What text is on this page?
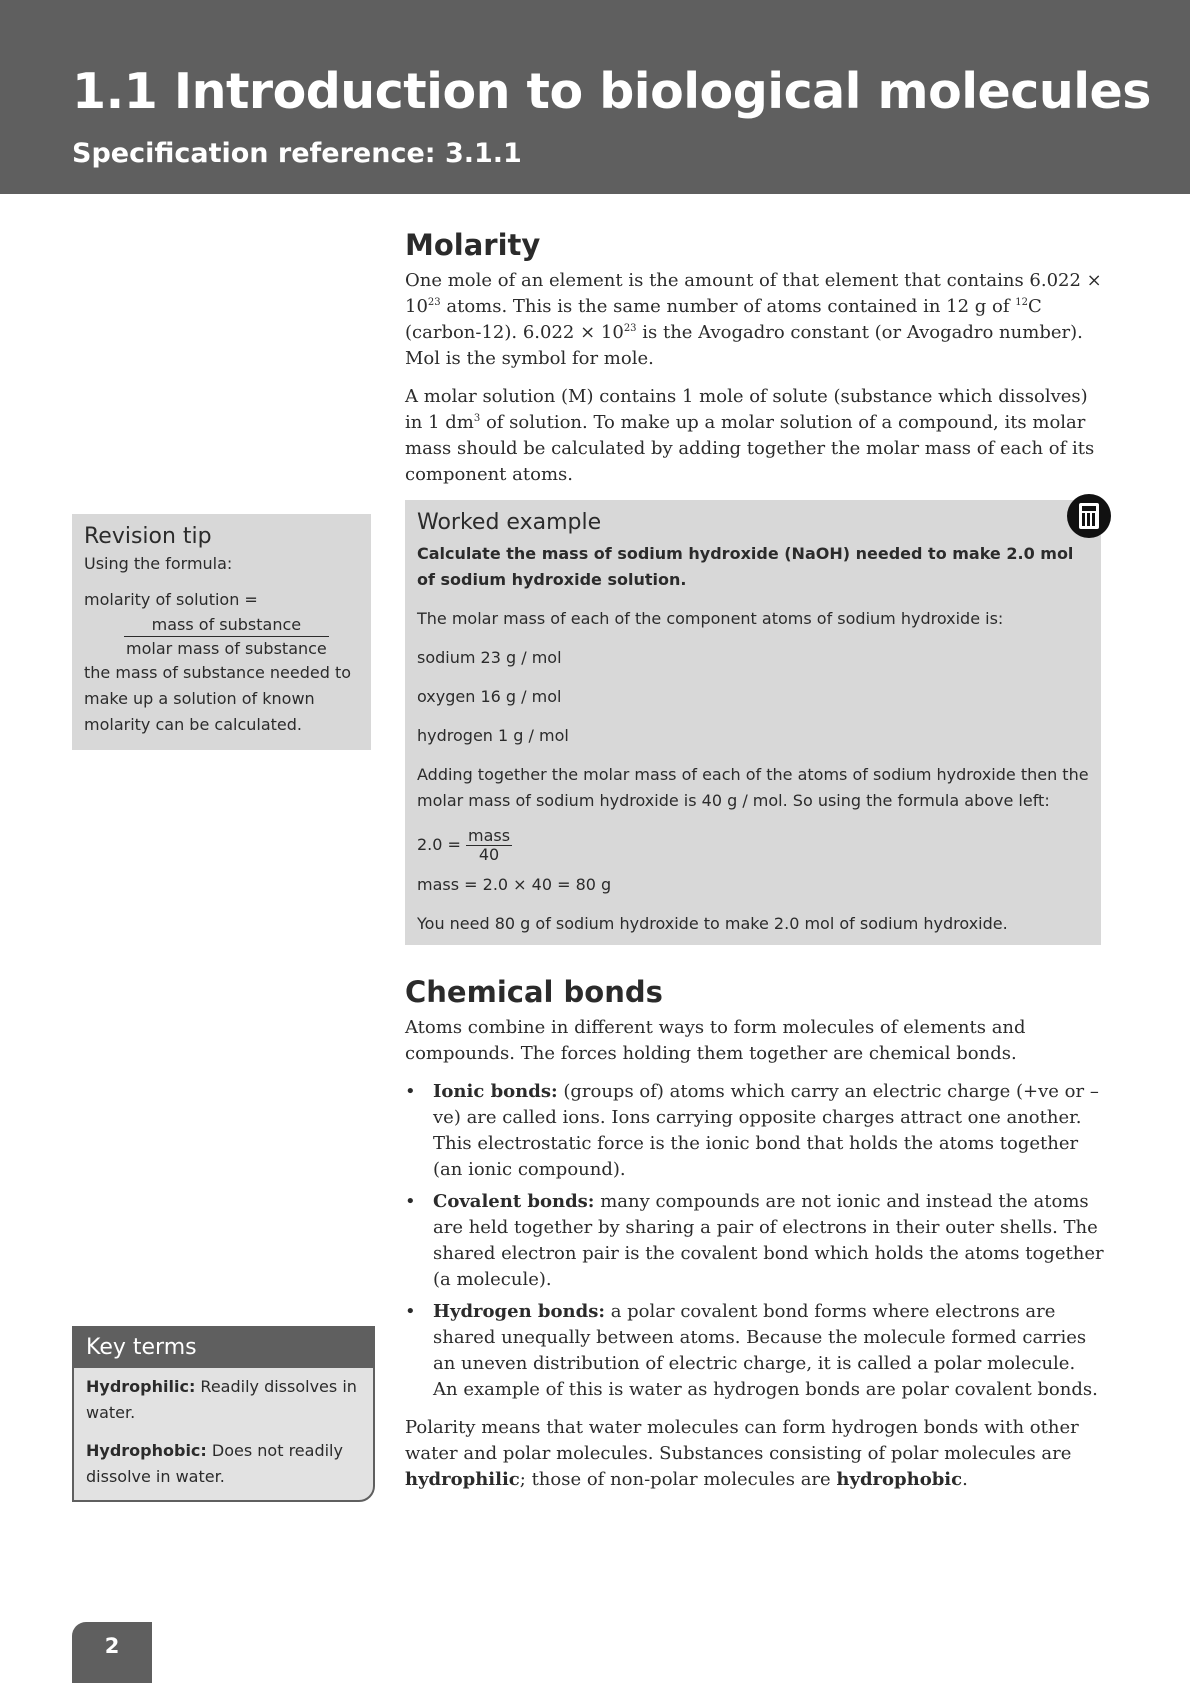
1.1 Introduction to biological molecules

Specification reference: 3.1.1

Molarity

One mole of an element is the amount of that element that contains $6.022 \times 10^{23}$ atoms. This is the same number of atoms contained in 12 g of $^{12}$C (carbon-12). $6.022 \times 10^{23}$ is the Avogadro constant (or Avogadro number). Mol is the symbol for mole.

A molar solution (M) contains 1 mole of solute (substance which dissolves) in 1 $dm^3$ of solution. To make up a molar solution of a compound, its molar mass should be calculated by adding together the molar mass of each of its component atoms.

Worked example

Calculate the mass of sodium hydroxide (NaOH) needed to make 2.0 mol of sodium hydroxide solution.

The molar mass of each of the component atoms of sodium hydroxide is:

sodium 23 g / mol

oxygen 16 g / mol

hydrogen 1 g / mol

Adding together the molar mass of each of the atoms of sodium hydroxide then the molar mass of sodium hydroxide is 40 g / mol. So using the formula above left:

$2.0 = \frac{\text{mass}}{40}$

mass = 2.0 × 40 = 80 g

You need 80 g of sodium hydroxide to make 2.0 mol of sodium hydroxide.

Chemical bonds

Atoms combine in different ways to form molecules of elements and compounds. The forces holding them together are chemical bonds.

• Ionic bonds: (groups of) atoms which carry an electric charge (+ve or –ve) are called ions. Ions carrying opposite charges attract one another. This electrostatic force is the ionic bond that holds the atoms together (an ionic compound).
• Covalent bonds: many compounds are not ionic and instead the atoms are held together by sharing a pair of electrons in their outer shells. The shared electron pair is the covalent bond which holds the atoms together (a molecule).
• Hydrogen bonds: a polar covalent bond forms where electrons are shared unequally between atoms. Because the molecule formed carries an uneven distribution of electric charge, it is called a polar molecule. An example of this is water as hydrogen bonds are polar covalent bonds.

Polarity means that water molecules can form hydrogen bonds with other water and polar molecules. Substances consisting of polar molecules are hydrophilic; those of non-polar molecules are hydrophobic.

Revision tip

Using the formula:

molarity of solution =

$\frac{\text{mass of substance}}{\text{molar mass of substance}}$

the mass of substance needed to make up a solution of known molarity can be calculated.

Key terms

Hydrophilic: Readily dissolves in water.

Hydrophobic: Does not readily dissolve in water.

2
